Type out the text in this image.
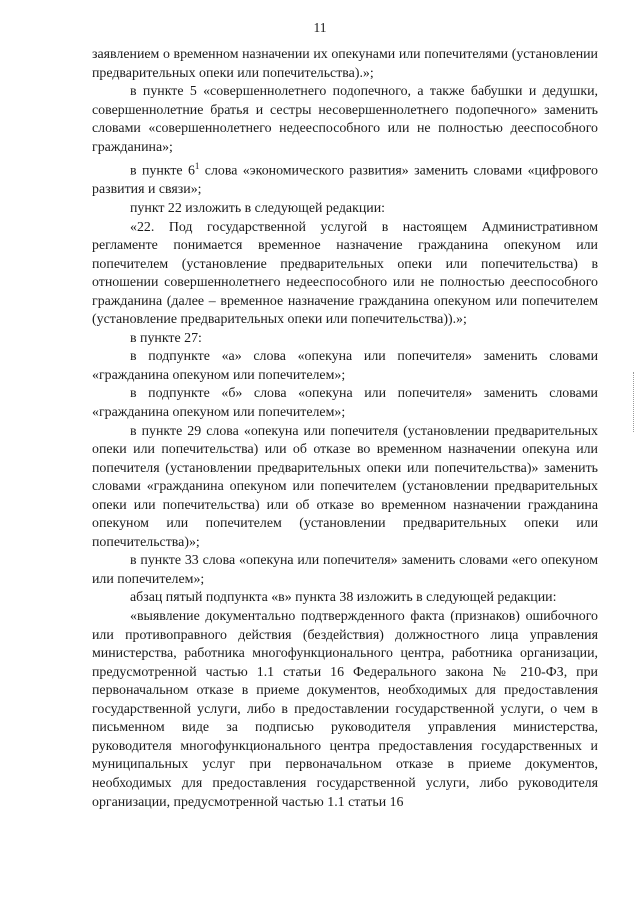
11

заявлением о временном назначении их опекунами или попечителями (установлении предварительных опеки или попечительства).»;

в пункте 5 «совершеннолетнего подопечного, а также бабушки и дедушки, совершеннолетние братья и сестры несовершеннолетнего подопечного» заменить словами «совершеннолетнего недееспособного или не полностью дееспособного гражданина»;

в пункте $6^1$ слова «экономического развития» заменить словами «цифрового развития и связи»;

пункт 22 изложить в следующей редакции:

«22. Под государственной услугой в настоящем Административном регламенте понимается временное назначение гражданина опекуном или попечителем (установление предварительных опеки или попечительства) в отношении совершеннолетнего недееспособного или не полностью дееспособного гражданина (далее – временное назначение гражданина опекуном или попечителем (установление предварительных опеки или попечительства)).»;

в пункте 27:

в подпункте «а» слова «опекуна или попечителя» заменить словами «гражданина опекуном или попечителем»;

в подпункте «б» слова «опекуна или попечителя» заменить словами «гражданина опекуном или попечителем»;

в пункте 29 слова «опекуна или попечителя (установлении предварительных опеки или попечительства) или об отказе во временном назначении опекуна или попечителя (установлении предварительных опеки или попечительства)» заменить словами «гражданина опекуном или попечителем (установлении предварительных опеки или попечительства) или об отказе во временном назначении гражданина опекуном или попечителем (установлении предварительных опеки или попечительства)»;

в пункте 33 слова «опекуна или попечителя» заменить словами «его опекуном или попечителем»;

абзац пятый подпункта «в» пункта 38 изложить в следующей редакции:

«выявление документально подтвержденного факта (признаков) ошибочного или противоправного действия (бездействия) должностного лица управления министерства, работника многофункционального центра, работника организации, предусмотренной частью 1.1 статьи 16 Федерального закона № 210-ФЗ, при первоначальном отказе в приеме документов, необходимых для предоставления государственной услуги, либо в предоставлении государственной услуги, о чем в письменном виде за подписью руководителя управления министерства, руководителя многофункционального центра предоставления государственных и муниципальных услуг при первоначальном отказе в приеме документов, необходимых для предоставления государственной услуги, либо руководителя организации, предусмотренной частью 1.1 статьи 16
